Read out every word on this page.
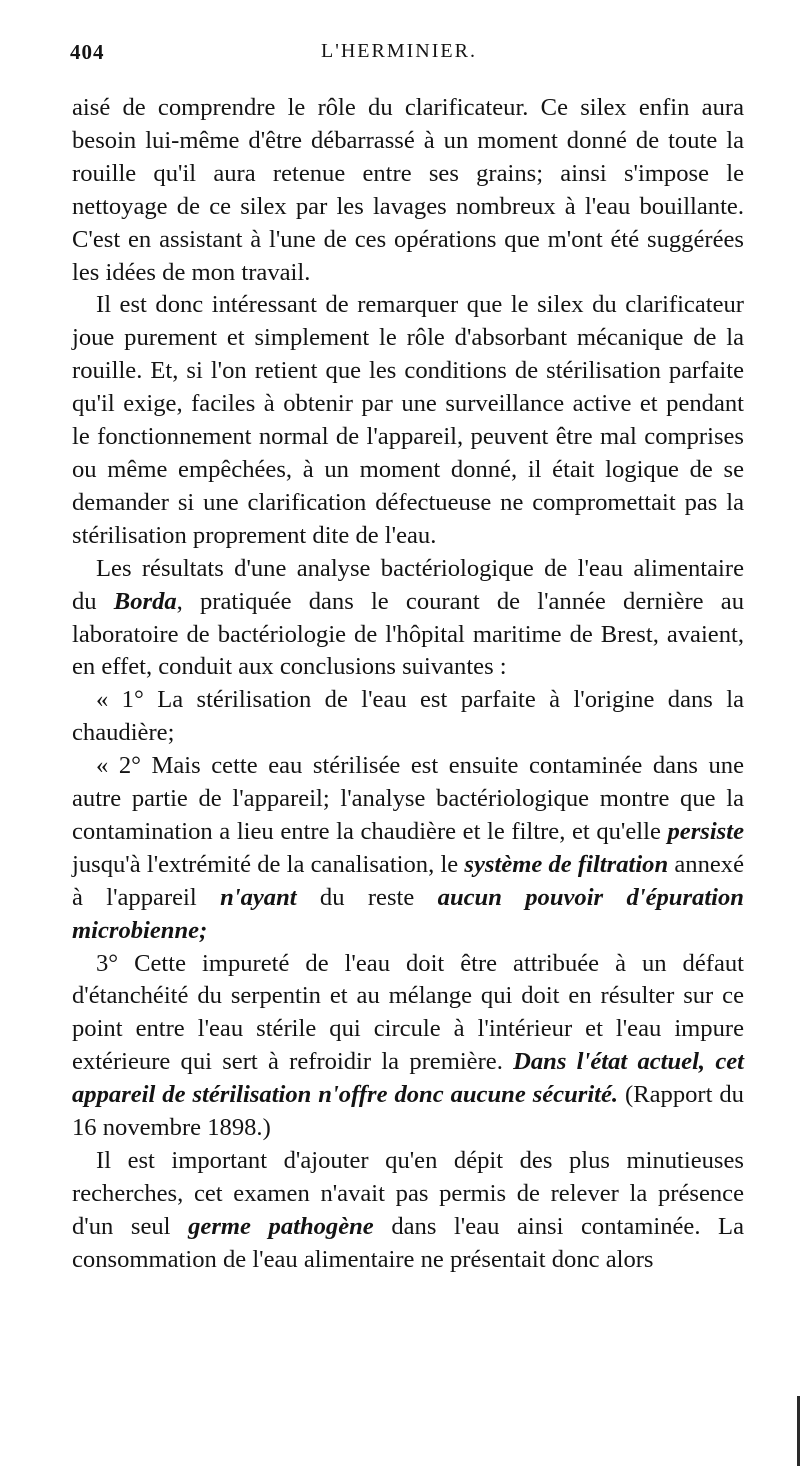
404	L'HERMINIER.

aisé de comprendre le rôle du clarificateur. Ce silex enfin aura besoin lui-même d'être débarrassé à un moment donné de toute la rouille qu'il aura retenue entre ses grains; ainsi s'impose le nettoyage de ce silex par les lavages nombreux à l'eau bouillante. C'est en assistant à l'une de ces opérations que m'ont été suggérées les idées de mon travail.

Il est donc intéressant de remarquer que le silex du clarificateur joue purement et simplement le rôle d'absorbant mécanique de la rouille. Et, si l'on retient que les conditions de stérilisation parfaite qu'il exige, faciles à obtenir par une surveillance active et pendant le fonctionnement normal de l'appareil, peuvent être mal comprises ou même empêchées, à un moment donné, il était logique de se demander si une clarification défectueuse ne compromettait pas la stérilisation proprement dite de l'eau.

Les résultats d'une analyse bactériologique de l'eau alimentaire du Borda, pratiquée dans le courant de l'année dernière au laboratoire de bactériologie de l'hôpital maritime de Brest, avaient, en effet, conduit aux conclusions suivantes :

« 1° La stérilisation de l'eau est parfaite à l'origine dans la chaudière;

« 2° Mais cette eau stérilisée est ensuite contaminée dans une autre partie de l'appareil; l'analyse bactériologique montre que la contamination a lieu entre la chaudière et le filtre, et qu'elle persiste jusqu'à l'extrémité de la canalisation, le système de filtration annexé à l'appareil n'ayant du reste aucun pouvoir d'épuration microbienne;

3° Cette impureté de l'eau doit être attribuée à un défaut d'étanchéité du serpentin et au mélange qui doit en résulter sur ce point entre l'eau stérile qui circule à l'intérieur et l'eau impure extérieure qui sert à refroidir la première. Dans l'état actuel, cet appareil de stérilisation n'offre donc aucune sécurité. (Rapport du 16 novembre 1898.)

Il est important d'ajouter qu'en dépit des plus minutieuses recherches, cet examen n'avait pas permis de relever la présence d'un seul germe pathogène dans l'eau ainsi contaminée. La consommation de l'eau alimentaire ne présentait donc alors
